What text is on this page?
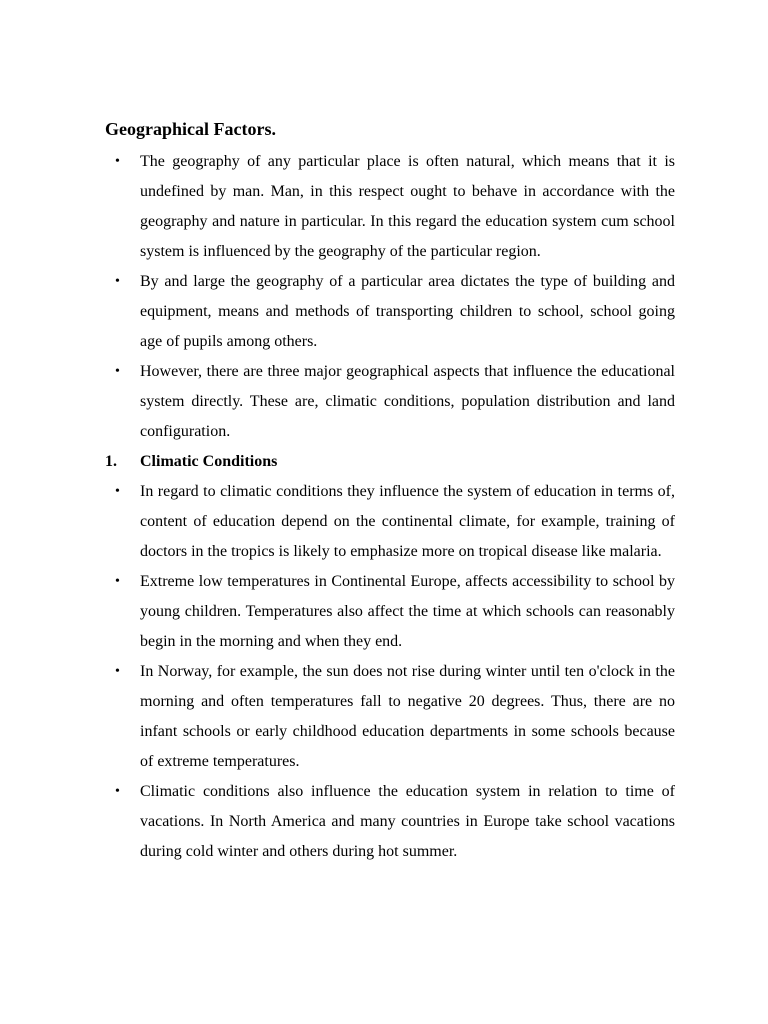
Geographical Factors.
• The geography of any particular place is often natural, which means that it is undefined by man. Man, in this respect ought to behave in accordance with the geography and nature in particular. In this regard the education system cum school system is influenced by the geography of the particular region.
• By and large the geography of a particular area dictates the type of building and equipment, means and methods of transporting children to school, school going age of pupils among others.
• However, there are three major geographical aspects that influence the educational system directly. These are, climatic conditions, population distribution and land configuration.
1. Climatic Conditions
• In regard to climatic conditions they influence the system of education in terms of, content of education depend on the continental climate, for example, training of doctors in the tropics is likely to emphasize more on tropical disease like malaria.
• Extreme low temperatures in Continental Europe, affects accessibility to school by young children. Temperatures also affect the time at which schools can reasonably begin in the morning and when they end.
• In Norway, for example, the sun does not rise during winter until ten o'clock in the morning and often temperatures fall to negative 20 degrees. Thus, there are no infant schools or early childhood education departments in some schools because of extreme temperatures.
• Climatic conditions also influence the education system in relation to time of vacations. In North America and many countries in Europe take school vacations during cold winter and others during hot summer.
